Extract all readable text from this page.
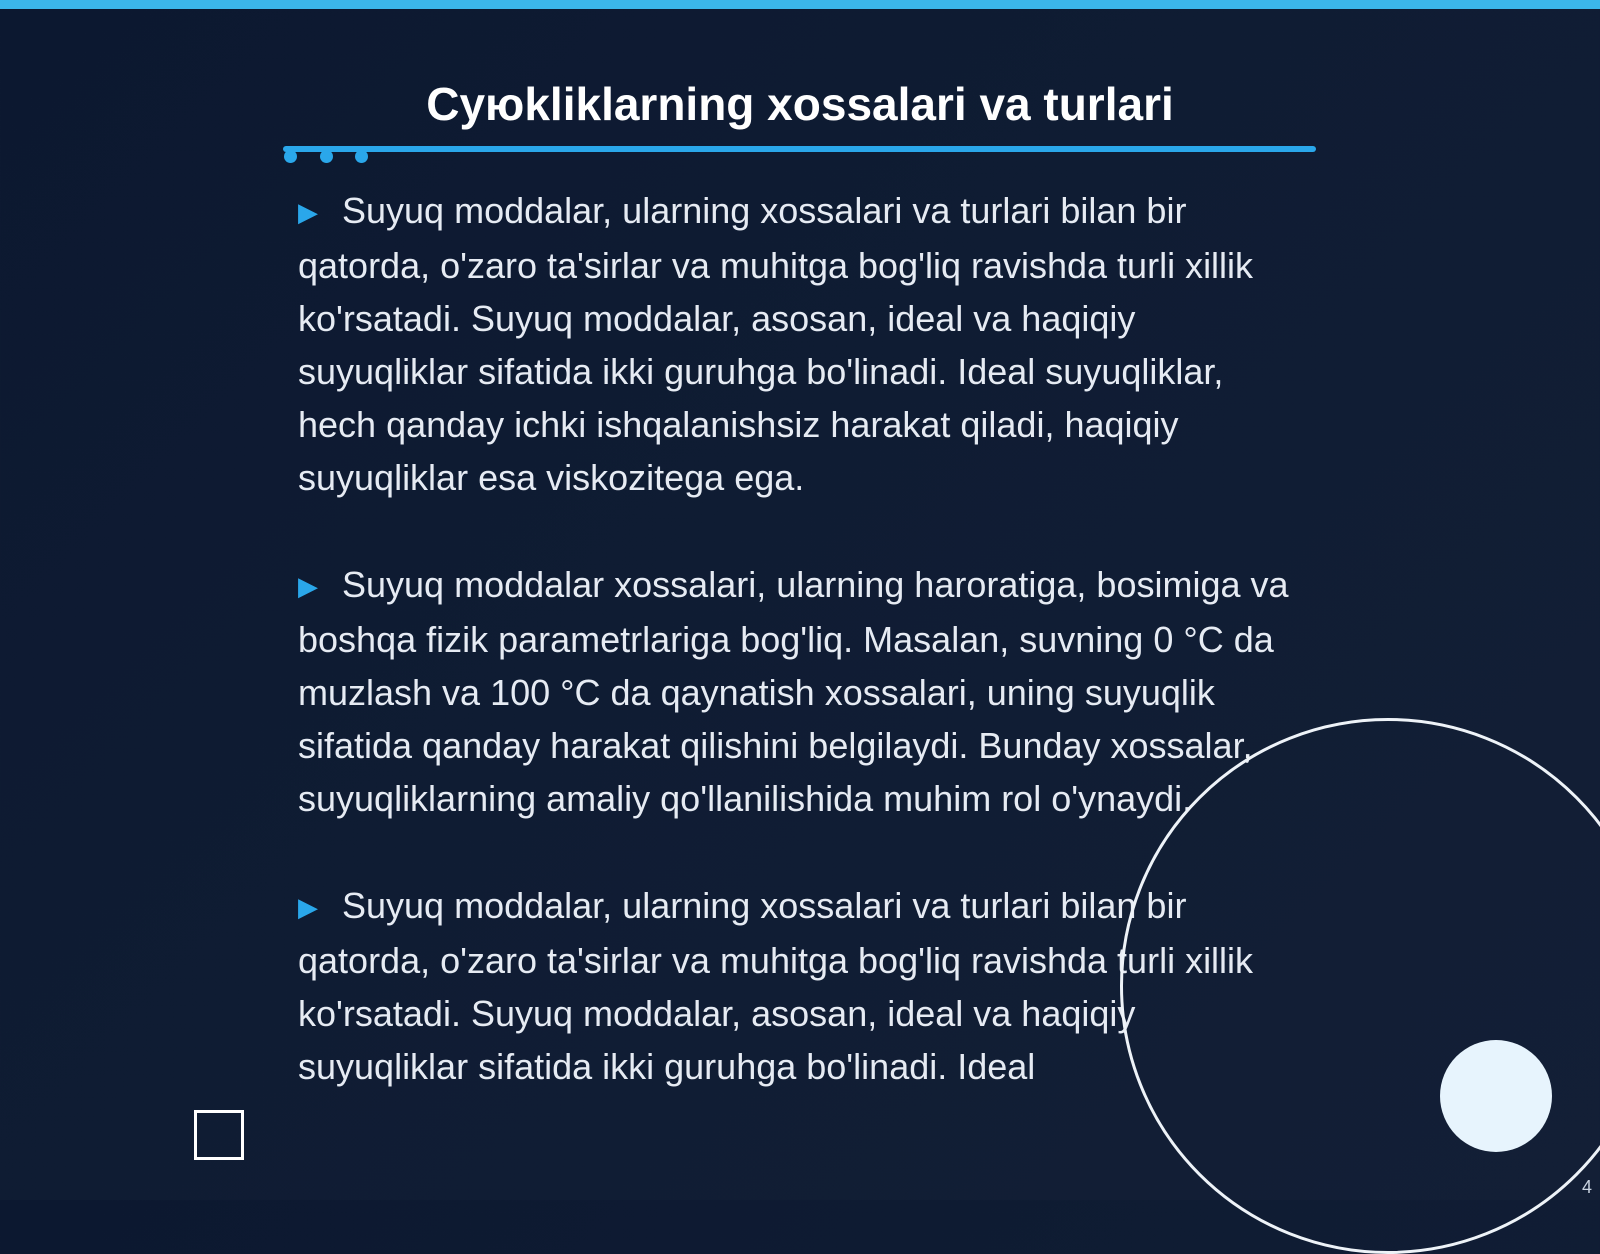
Суюkliklarning xossalari va turlari
▶ Suyuq moddalar, ularning xossalari va turlari bilan bir qatorda, o'zaro ta'sirlar va muhitga bog'liq ravishda turli xillik ko'rsatadi. Suyuq moddalar, asosan, ideal va haqiqiy suyuqliklar sifatida ikki guruhga bo'linadi. Ideal suyuqliklar, hech qanday ichki ishqalanishsiz harakat qiladi, haqiqiy suyuqliklar esa viskozitega ega.
▶ Suyuq moddalar xossalari, ularning haroratiga, bosimiga va boshqa fizik parametrlariga bog'liq. Masalan, suvning 0 °C da muzlash va 100 °C da qaynatish xossalari, uning suyuqlik sifatida qanday harakat qilishini belgilaydi. Bunday xossalar, suyuqliklarning amaliy qo'llanilishida muhim rol o'ynaydi.
▶ Suyuq moddalar, ularning xossalari va turlari bilan bir qatorda, o'zaro ta'sirlar va muhitga bog'liq ravishda turli xillik ko'rsatadi. Suyuq moddalar, asosan, ideal va haqiqiy suyuqliklar sifatida ikki guruhga bo'linadi. Ideal
4
